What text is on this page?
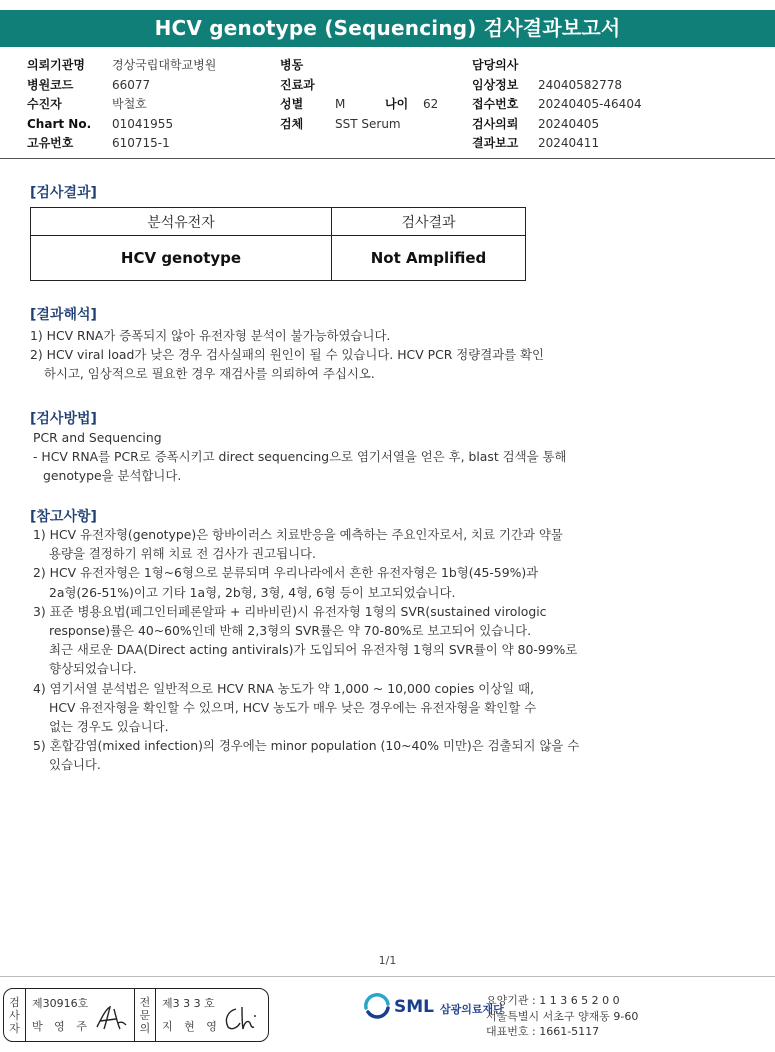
HCV genotype (Sequencing) 검사결과보고서
의뢰기관명	경상국립대학교병원
병원코드	66077
수진자	박철호
Chart No.	01041955
고유번호	610715-1
병동
진료과
성별	M	나이	62
검체	SST Serum
담당의사
임상정보	24040582778
접수번호	20240405-46404
검사의뢰	20240405
결과보고	20240411
[검사결과]
분석유전자	검사결과
HCV genotype	Not Amplified
[결과해석]
1) HCV RNA가 증폭되지 않아 유전자형 분석이 불가능하였습니다.
2) HCV viral load가 낮은 경우 검사실패의 원인이 될 수 있습니다. HCV PCR 정량결과를 확인
하시고, 임상적으로 필요한 경우 재검사를 의뢰하여 주십시오.
[검사방법]
PCR and Sequencing
- HCV RNA를 PCR로 증폭시키고 direct sequencing으로 염기서열을 얻은 후, blast 검색을 통해
genotype을 분석합니다.
[참고사항]
1) HCV 유전자형(genotype)은 항바이러스 치료반응을 예측하는 주요인자로서, 치료 기간과 약물
용량을 결정하기 위해 치료 전 검사가 권고됩니다.
2) HCV 유전자형은 1형~6형으로 분류되며 우리나라에서 흔한 유전자형은 1b형(45-59%)과
2a형(26-51%)이고 기타 1a형, 2b형, 3형, 4형, 6형 등이 보고되었습니다.
3) 표준 병용요법(페그인터페론알파 + 리바비린)시 유전자형 1형의 SVR(sustained virologic
response)률은 40~60%인데 반해 2,3형의 SVR률은 약 70-80%로 보고되어 있습니다.
최근 새로운 DAA(Direct acting antivirals)가 도입되어 유전자형 1형의 SVR률이 약 80-99%로
향상되었습니다.
4) 염기서열 분석법은 일반적으로 HCV RNA 농도가 약 1,000 ~ 10,000 copies 이상일 때,
HCV 유전자형을 확인할 수 있으며, HCV 농도가 매우 낮은 경우에는 유전자형을 확인할 수
없는 경우도 있습니다.
5) 혼합감염(mixed infection)의 경우에는 minor population (10~40% 미만)은 검출되지 않을 수
있습니다.
1/1
검
사
자
제30916호
박 영 주
전
문
의
제3 3 3 호
지 현 영
SML 삼광의료재단
요양기관 : 1 1 3 6 5 2 0 0
서울특별시 서초구 양재동 9-60
대표번호 : 1661-5117
